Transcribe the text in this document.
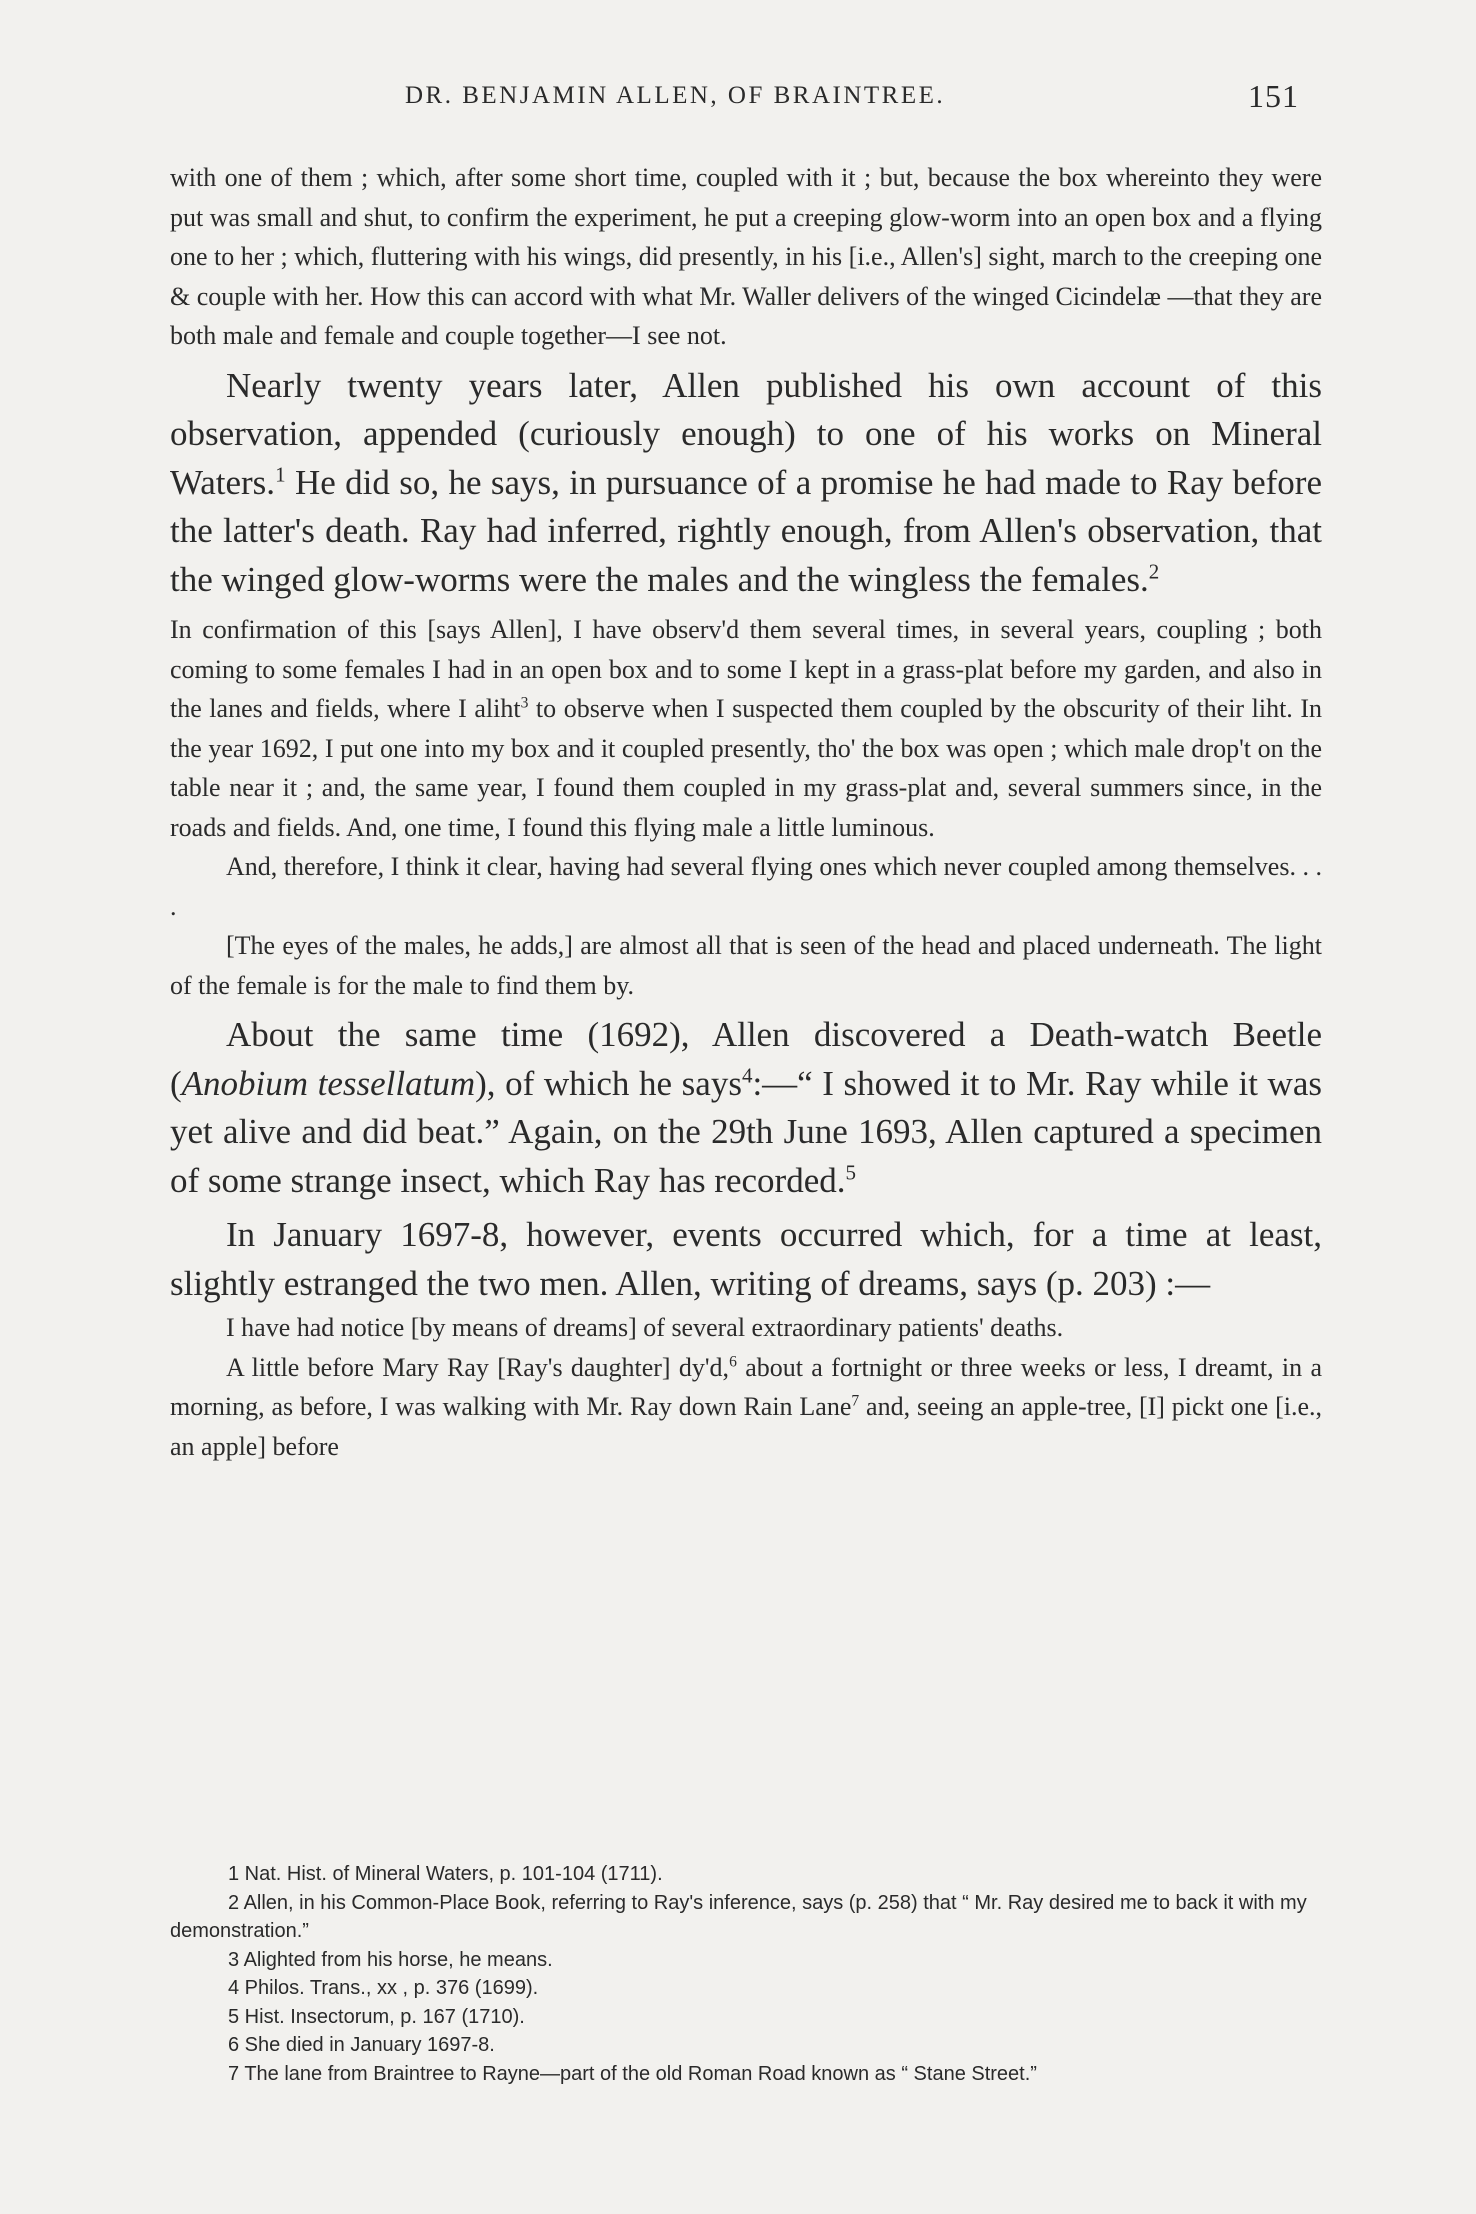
DR. BENJAMIN ALLEN, OF BRAINTREE.	151

with one of them ; which, after some short time, coupled with it ; but, because the box whereinto they were put was small and shut, to confirm the experiment, he put a creeping glow-worm into an open box and a flying one to her ; which, fluttering with his wings, did presently, in his [i.e., Allen's] sight, march to the creeping one & couple with her. How this can accord with what Mr. Waller delivers of the winged Cicindelæ —that they are both male and female and couple together—I see not.

Nearly twenty years later, Allen published his own account of this observation, appended (curiously enough) to one of his works on Mineral Waters.$^1$ He did so, he says, in pursuance of a promise he had made to Ray before the latter's death. Ray had inferred, rightly enough, from Allen's observation, that the winged glow-worms were the males and the wingless the females.$^2$

In confirmation of this [says Allen], I have observ'd them several times, in several years, coupling ; both coming to some females I had in an open box and to some I kept in a grass-plat before my garden, and also in the lanes and fields, where I aliht$^3$ to observe when I suspected them coupled by the obscurity of their liht. In the year 1692, I put one into my box and it coupled presently, tho' the box was open ; which male drop't on the table near it ; and, the same year, I found them coupled in my grass-plat and, several summers since, in the roads and fields. And, one time, I found this flying male a little luminous.

And, therefore, I think it clear, having had several flying ones which never coupled among themselves. . . .

[The eyes of the males, he adds,] are almost all that is seen of the head and placed underneath. The light of the female is for the male to find them by.

About the same time (1692), Allen discovered a Death-watch Beetle (Anobium tessellatum), of which he says$^4$:—“ I showed it to Mr. Ray while it was yet alive and did beat.” Again, on the 29th June 1693, Allen captured a specimen of some strange insect, which Ray has recorded.$^5$

In January 1697-8, however, events occurred which, for a time at least, slightly estranged the two men. Allen, writing of dreams, says (p. 203) :—

I have had notice [by means of dreams] of several extraordinary patients' deaths.

A little before Mary Ray [Ray's daughter] dy'd,$^6$ about a fortnight or three weeks or less, I dreamt, in a morning, as before, I was walking with Mr. Ray down Rain Lane$^7$ and, seeing an apple-tree, [I] pickt one [i.e., an apple] before

1 Nat. Hist. of Mineral Waters, p. 101-104 (1711).

2 Allen, in his Common-Place Book, referring to Ray's inference, says (p. 258) that “ Mr. Ray desired me to back it with my demonstration.”

3 Alighted from his horse, he means.

4 Philos. Trans., xx , p. 376 (1699).

5 Hist. Insectorum, p. 167 (1710).

6 She died in January 1697-8.

7 The lane from Braintree to Rayne—part of the old Roman Road known as “ Stane Street.”
